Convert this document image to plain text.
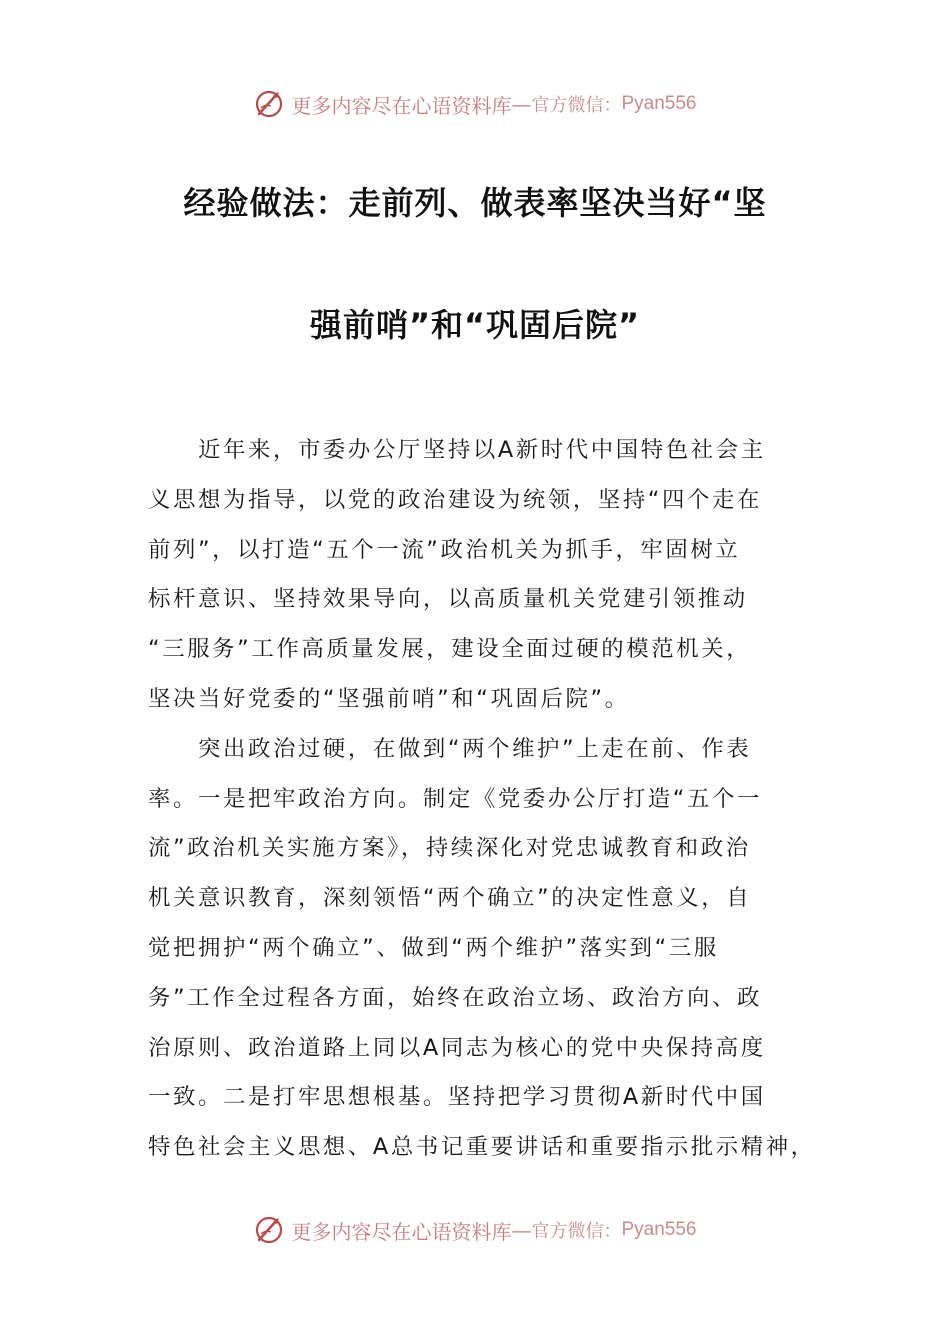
更多内容尽在心语资料库 — 官方微信： Pyan556
经验做法：走前列、做表率坚决当好“坚
强前哨”和“巩固后院”
　　近年来，市委办公厅坚持以A新时代中国特色社会主
义思想为指导，以党的政治建设为统领，坚持“四个走在
前列”，以打造“五个一流”政治机关为抓手，牢固树立
标杆意识、坚持效果导向，以高质量机关党建引领推动
“三服务”工作高质量发展，建设全面过硬的模范机关，
坚决当好党委的“坚强前哨”和“巩固后院”。
　　突出政治过硬，在做到“两个维护”上走在前、作表
率。一是把牢政治方向。制定《党委办公厅打造“五个一
流”政治机关实施方案》，持续深化对党忠诚教育和政治
机关意识教育，深刻领悟“两个确立”的决定性意义，自
觉把拥护“两个确立”、做到“两个维护”落实到“三服
务”工作全过程各方面，始终在政治立场、政治方向、政
治原则、政治道路上同以A同志为核心的党中央保持高度
一致。二是打牢思想根基。坚持把学习贯彻A新时代中国
特色社会主义思想、A总书记重要讲话和重要指示批示精神，
更多内容尽在心语资料库 — 官方微信： Pyan556
